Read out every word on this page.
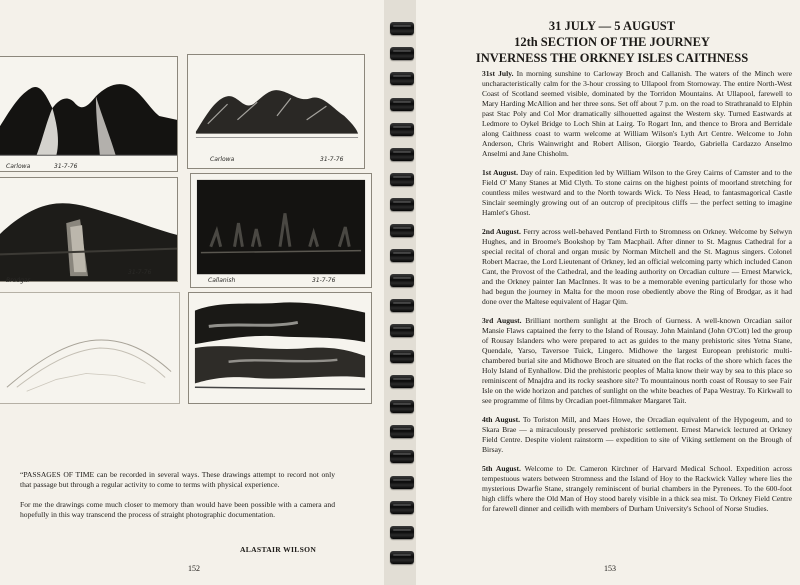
Carlowa	31-7-76
Carlowa	31-7-76
Brodgar
31-7-76
Callanish	31-7-76

“PASSAGES OF TIME can be recorded in several ways. These drawings attempt to record not only that passage but through a regular activity to come to terms with physical experience.

For me the drawings come much closer to memory than would have been possible with a camera and hopefully in this way transcend the process of straight photographic documentation.

ALASTAIR WILSON
152
31 JULY — 5 AUGUST
12th SECTION OF THE JOURNEY
INVERNESS THE ORKNEY ISLES CAITHNESS

31st July. In morning sunshine to Carloway Broch and Callanish. The waters of the Minch were uncharacteristically calm for the 3-hour crossing to Ullapool from Stornoway. The entire North-West Coast of Scotland seemed visible, dominated by the Torridon Mountains. At Ullapool, farewell to Mary Harding McAllion and her three sons. Set off about 7 p.m. on the road to Strathranald to Elphin past Stac Poly and Col Mor dramatically silhouetted against the Western sky. Turned Eastwards at Ledmore to Oykel Bridge to Loch Shin at Lairg. To Rogart Inn, and thence to Brora and Berridale along Caithness coast to warm welcome at William Wilson's Lyth Art Centre. Welcome to John Anderson, Chris Wainwright and Robert Allison, Giorgio Teardo, Gabriella Cardazzo Anselmo Anselmi and Jane Chisholm.

1st August. Day of rain. Expedition led by William Wilson to the Grey Cairns of Camster and to the Field O' Many Stanes at Mid Clyth. To stone cairns on the highest points of moorland stretching for countless miles westward and to the North towards Wick. To Ness Head, to fantasmagorical Castle Sinclair seemingly growing out of an outcrop of precipitous cliffs — the perfect setting to imagine Hamlet's Ghost.

2nd August. Ferry across well-behaved Pentland Firth to Stromness on Orkney. Welcome by Selwyn Hughes, and in Broome's Bookshop by Tam Macphail. After dinner to St. Magnus Cathedral for a special recital of choral and organ music by Norman Mitchell and the St. Magnus singers. Colonel Robert Macrae, the Lord Lieutenant of Orkney, led an official welcoming party which included Canon Cant, the Provost of the Cathedral, and the leading authority on Orcadian culture — Ernest Marwick, and the Orkney painter Ian MacInnes. It was to be a memorable evening particularly for those who had begun the journey in Malta for the moon rose obediently above the Ring of Brodgar, as it had done over the Maltese equivalent of Hagar Qim.

3rd August. Brilliant northern sunlight at the Broch of Gurness. A well-known Orcadian sailor Mansie Flaws captained the ferry to the Island of Rousay. John Mainland (John O'Cott) led the group of Rousay Islanders who were prepared to act as guides to the many prehistoric sites Yetna Stane, Quendale, Yarso, Taversoe Tuick, Lingero. Midhowe the largest European prehistoric multi-chambered burial site and Midhowe Broch are situated on the flat rocks of the shore which faces the Holy Island of Eynhallow. Did the prehistoric peoples of Malta know their way by sea to this place so reminiscent of Mnajdra and its rocky seashore site? To mountainous north coast of Rousay to see Fair Isle on the wide horizon and patches of sunlight on the white beaches of Papa Westray. To Kirkwall to see programme of films by Orcadian poet-filmmaker Margaret Tait.

4th August. To Toriston Mill, and Maes Howe, the Orcadian equivalent of the Hypogeum, and to Skara Brae — a miraculously preserved prehistoric settlement. Ernest Marwick lectured at Orkney Field Centre. Despite violent rainstorm — expedition to site of Viking settlement on the Brough of Birsay.

5th August. Welcome to Dr. Cameron Kirchner of Harvard Medical School. Expedition across tempestuous waters between Stromness and the Island of Hoy to the Rackwick Valley where lies the mysterious Dwarfie Stane, strangely reminiscent of burial chambers in the Pyrenees. To the 600-foot high cliffs where the Old Man of Hoy stood barely visible in a thick sea mist. To Orkney Field Centre for farewell dinner and ceilidh with members of Durham University's School of Norse Studies.

153
